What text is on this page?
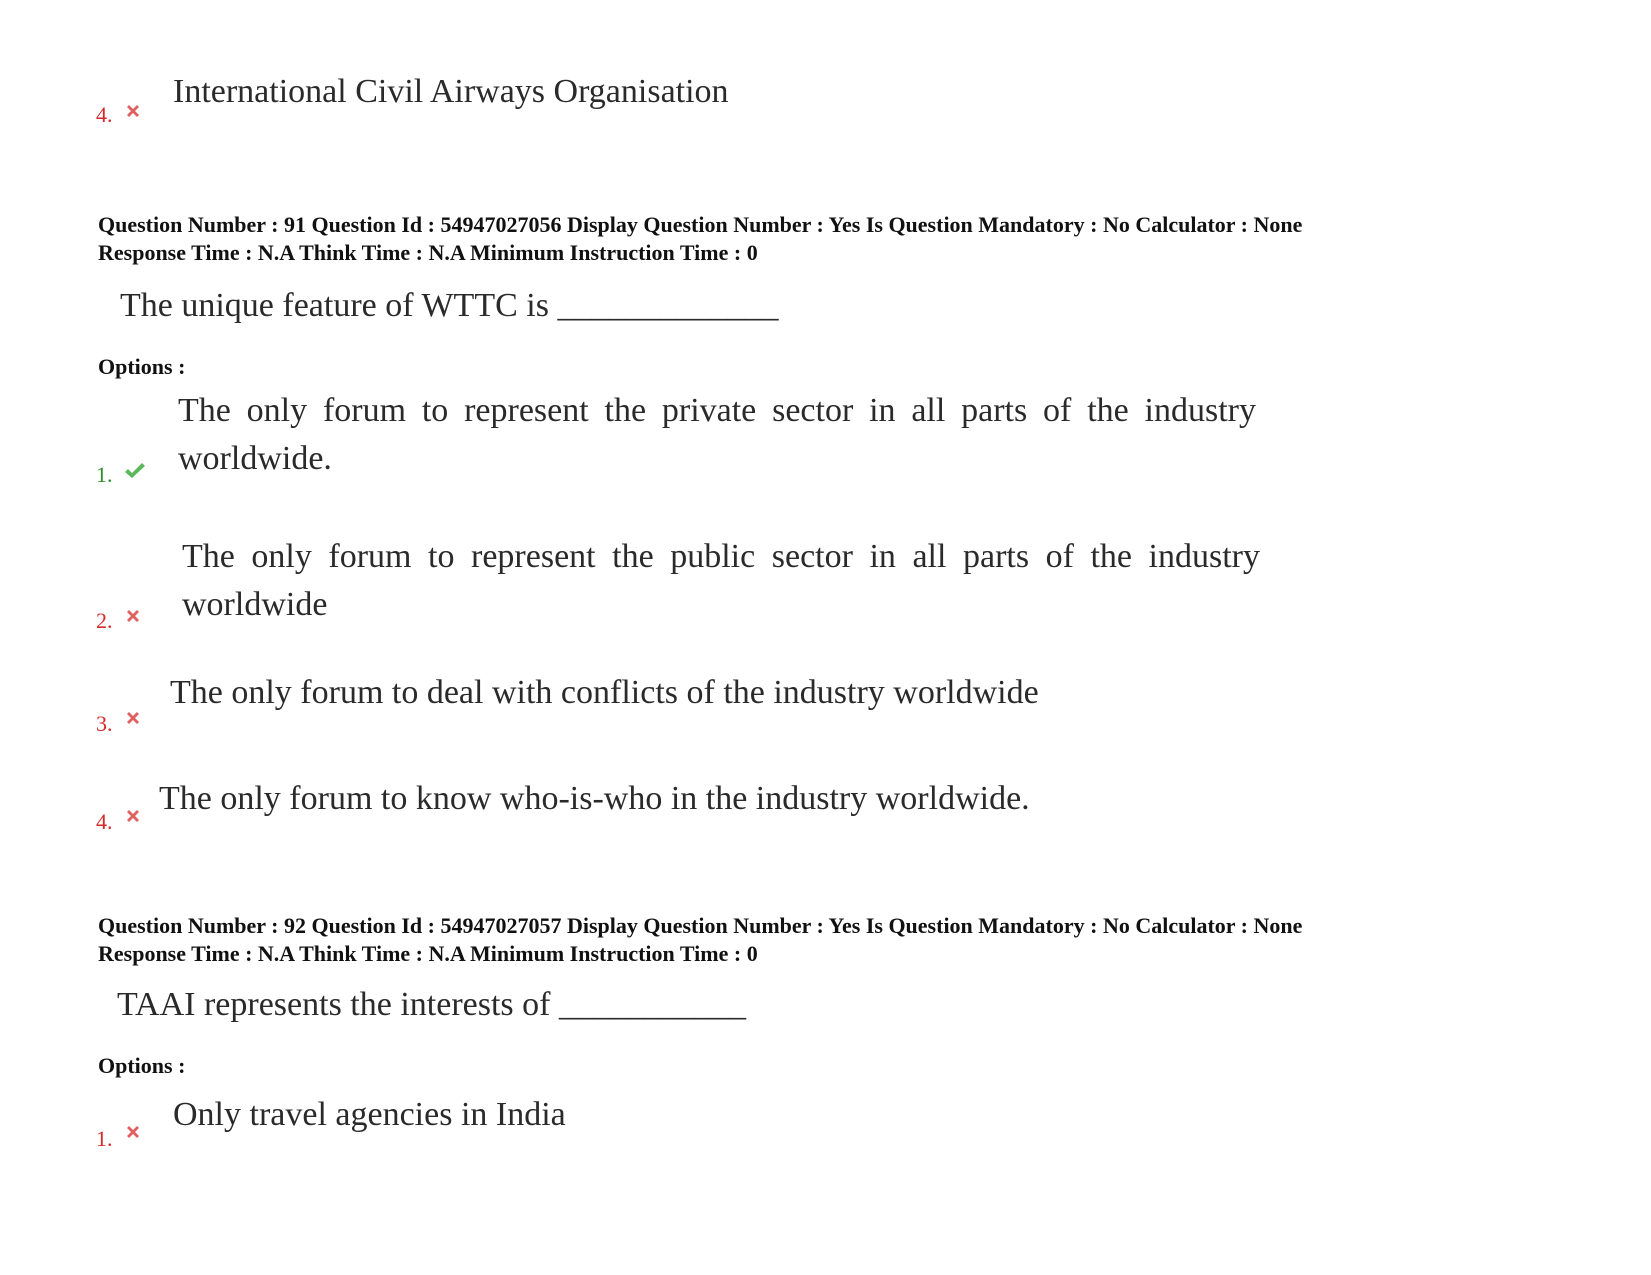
4.
International Civil Airways Organisation
Question Number : 91 Question Id : 54947027056 Display Question Number : Yes Is Question Mandatory : No Calculator : None
Response Time : N.A Think Time : N.A Minimum Instruction Time : 0
The unique feature of WTTC is _____________
Options :
1.
The only forum to represent the private sector in all parts of the industry worldwide.
2.
The only forum to represent the public sector in all parts of the industry worldwide
3.
The only forum to deal with conflicts of the industry worldwide
4.
The only forum to know who-is-who in the industry worldwide.
Question Number : 92 Question Id : 54947027057 Display Question Number : Yes Is Question Mandatory : No Calculator : None
Response Time : N.A Think Time : N.A Minimum Instruction Time : 0
TAAI represents the interests of ___________
Options :
1.
Only travel agencies in India
